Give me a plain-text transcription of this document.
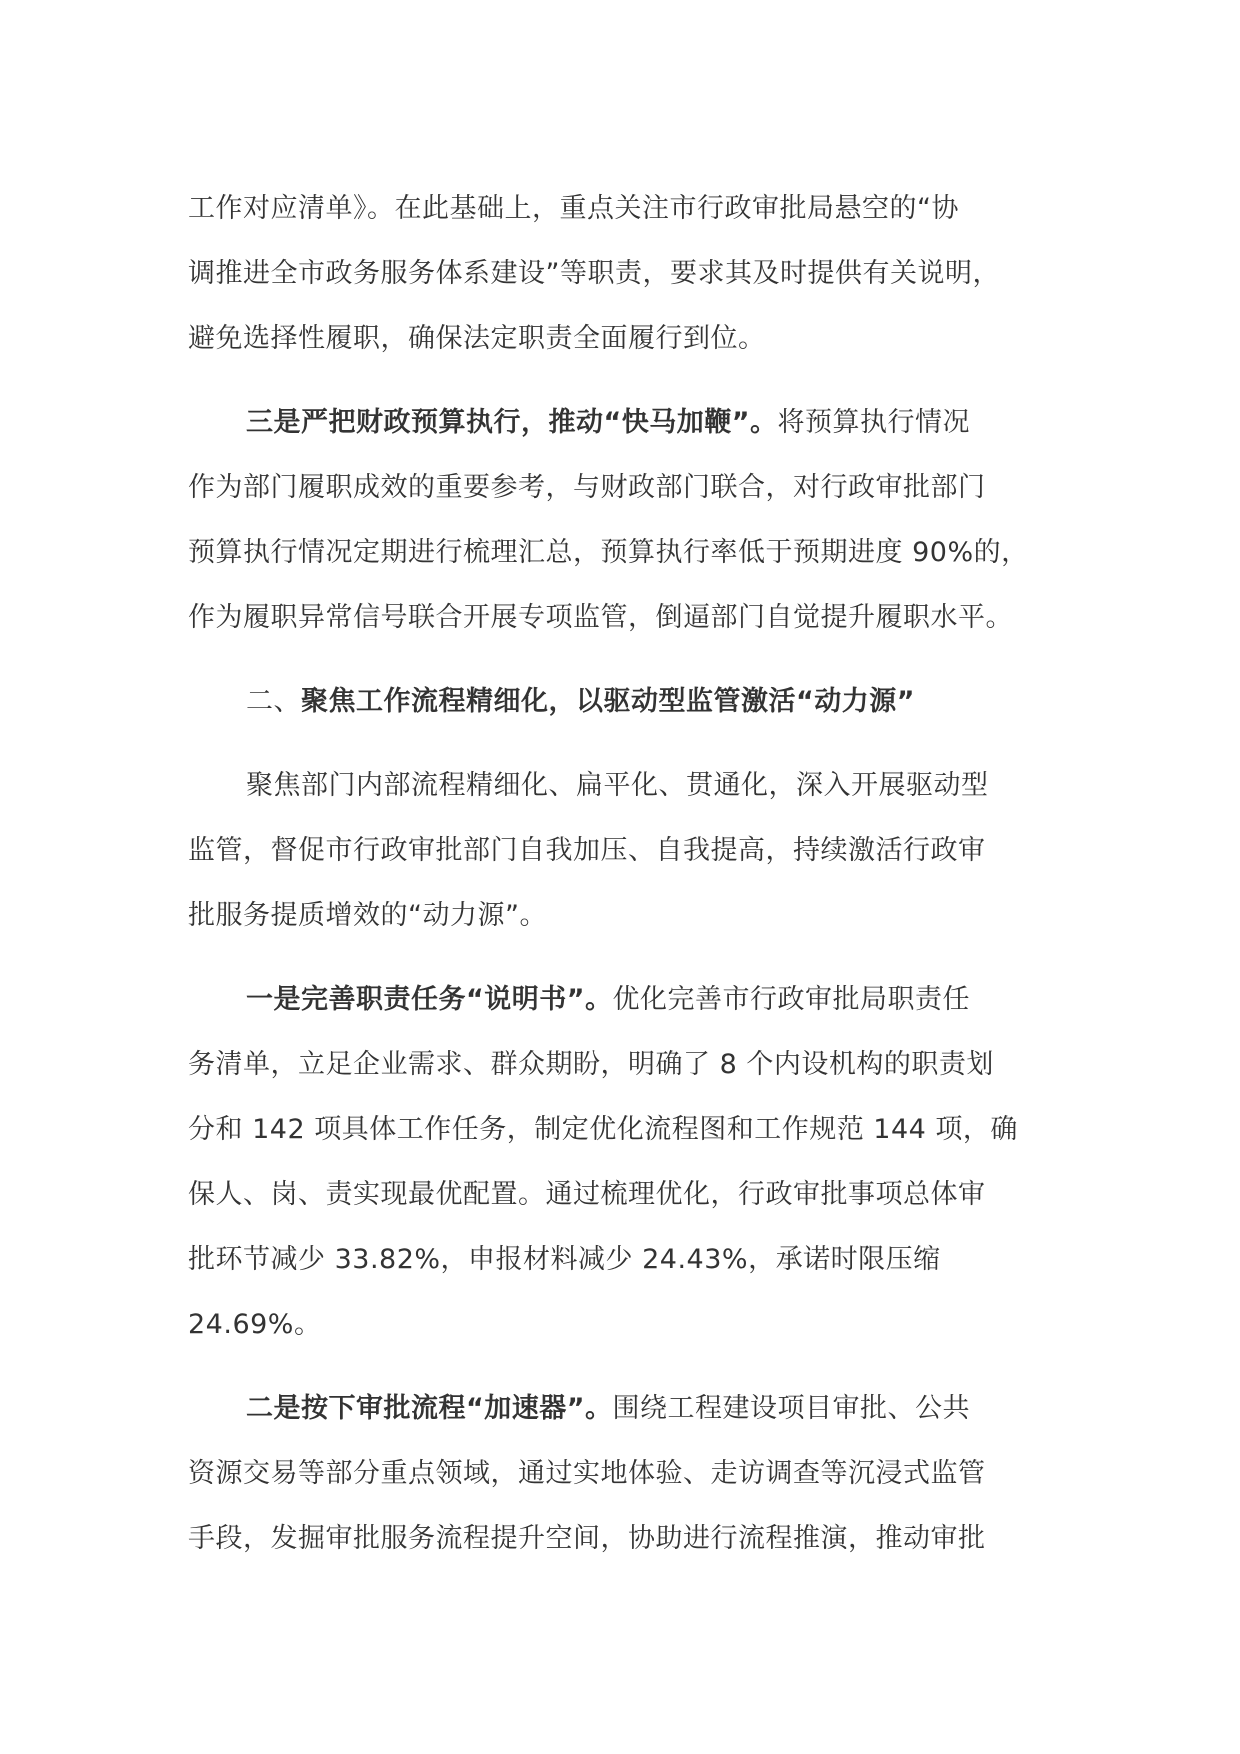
工作对应清单》。在此基础上，重点关注市行政审批局悬空的“协
调推进全市政务服务体系建设”等职责，要求其及时提供有关说明，
避免选择性履职，确保法定职责全面履行到位。

三是严把财政预算执行，推动“快马加鞭”。将预算执行情况
作为部门履职成效的重要参考，与财政部门联合，对行政审批部门
预算执行情况定期进行梳理汇总，预算执行率低于预期进度 90%的，
作为履职异常信号联合开展专项监管，倒逼部门自觉提升履职水平。

二、聚焦工作流程精细化，以驱动型监管激活“动力源”

聚焦部门内部流程精细化、扁平化、贯通化，深入开展驱动型
监管，督促市行政审批部门自我加压、自我提高，持续激活行政审
批服务提质增效的“动力源”。

一是完善职责任务“说明书”。优化完善市行政审批局职责任
务清单，立足企业需求、群众期盼，明确了 8 个内设机构的职责划
分和 142 项具体工作任务，制定优化流程图和工作规范 144 项，确
保人、岗、责实现最优配置。通过梳理优化，行政审批事项总体审
批环节减少 33.82%，申报材料减少 24.43%，承诺时限压缩
24.69%。

二是按下审批流程“加速器”。围绕工程建设项目审批、公共
资源交易等部分重点领域，通过实地体验、走访调查等沉浸式监管
手段，发掘审批服务流程提升空间，协助进行流程推演，推动审批
